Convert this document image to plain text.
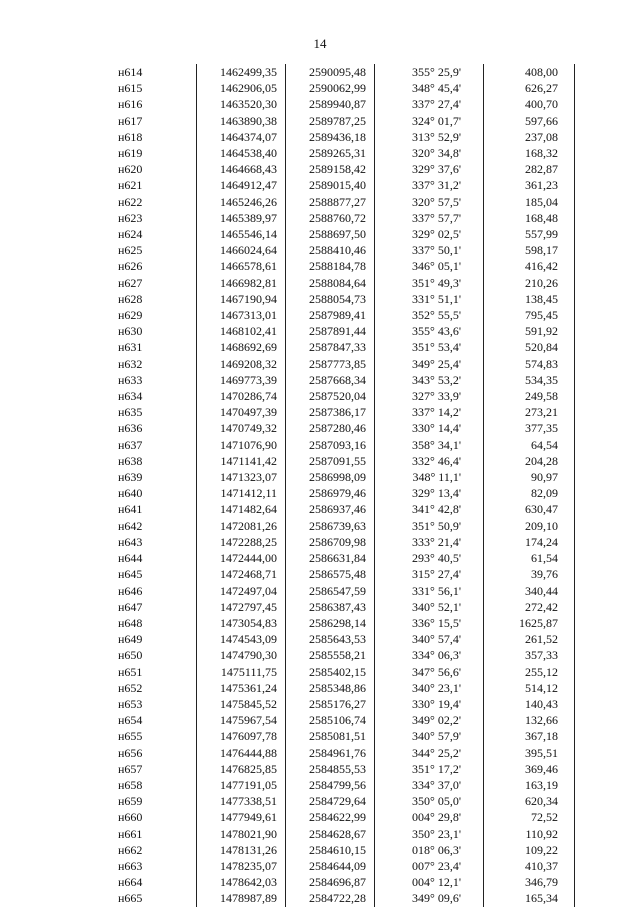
14
н614	1462499,35	2590095,48	355° 25,9'	408,00
н615	1462906,05	2590062,99	348° 45,4'	626,27
н616	1463520,30	2589940,87	337° 27,4'	400,70
н617	1463890,38	2589787,25	324° 01,7'	597,66
н618	1464374,07	2589436,18	313° 52,9'	237,08
н619	1464538,40	2589265,31	320° 34,8'	168,32
н620	1464668,43	2589158,42	329° 37,6'	282,87
н621	1464912,47	2589015,40	337° 31,2'	361,23
н622	1465246,26	2588877,27	320° 57,5'	185,04
н623	1465389,97	2588760,72	337° 57,7'	168,48
н624	1465546,14	2588697,50	329° 02,5'	557,99
н625	1466024,64	2588410,46	337° 50,1'	598,17
н626	1466578,61	2588184,78	346° 05,1'	416,42
н627	1466982,81	2588084,64	351° 49,3'	210,26
н628	1467190,94	2588054,73	331° 51,1'	138,45
н629	1467313,01	2587989,41	352° 55,5'	795,45
н630	1468102,41	2587891,44	355° 43,6'	591,92
н631	1468692,69	2587847,33	351° 53,4'	520,84
н632	1469208,32	2587773,85	349° 25,4'	574,83
н633	1469773,39	2587668,34	343° 53,2'	534,35
н634	1470286,74	2587520,04	327° 33,9'	249,58
н635	1470497,39	2587386,17	337° 14,2'	273,21
н636	1470749,32	2587280,46	330° 14,4'	377,35
н637	1471076,90	2587093,16	358° 34,1'	64,54
н638	1471141,42	2587091,55	332° 46,4'	204,28
н639	1471323,07	2586998,09	348° 11,1'	90,97
н640	1471412,11	2586979,46	329° 13,4'	82,09
н641	1471482,64	2586937,46	341° 42,8'	630,47
н642	1472081,26	2586739,63	351° 50,9'	209,10
н643	1472288,25	2586709,98	333° 21,4'	174,24
н644	1472444,00	2586631,84	293° 40,5'	61,54
н645	1472468,71	2586575,48	315° 27,4'	39,76
н646	1472497,04	2586547,59	331° 56,1'	340,44
н647	1472797,45	2586387,43	340° 52,1'	272,42
н648	1473054,83	2586298,14	336° 15,5'	1625,87
н649	1474543,09	2585643,53	340° 57,4'	261,52
н650	1474790,30	2585558,21	334° 06,3'	357,33
н651	1475111,75	2585402,15	347° 56,6'	255,12
н652	1475361,24	2585348,86	340° 23,1'	514,12
н653	1475845,52	2585176,27	330° 19,4'	140,43
н654	1475967,54	2585106,74	349° 02,2'	132,66
н655	1476097,78	2585081,51	340° 57,9'	367,18
н656	1476444,88	2584961,76	344° 25,2'	395,51
н657	1476825,85	2584855,53	351° 17,2'	369,46
н658	1477191,05	2584799,56	334° 37,0'	163,19
н659	1477338,51	2584729,64	350° 05,0'	620,34
н660	1477949,61	2584622,99	004° 29,8'	72,52
н661	1478021,90	2584628,67	350° 23,1'	110,92
н662	1478131,26	2584610,15	018° 06,3'	109,22
н663	1478235,07	2584644,09	007° 23,4'	410,37
н664	1478642,03	2584696,87	004° 12,1'	346,79
н665	1478987,89	2584722,28	349° 09,6'	165,34
